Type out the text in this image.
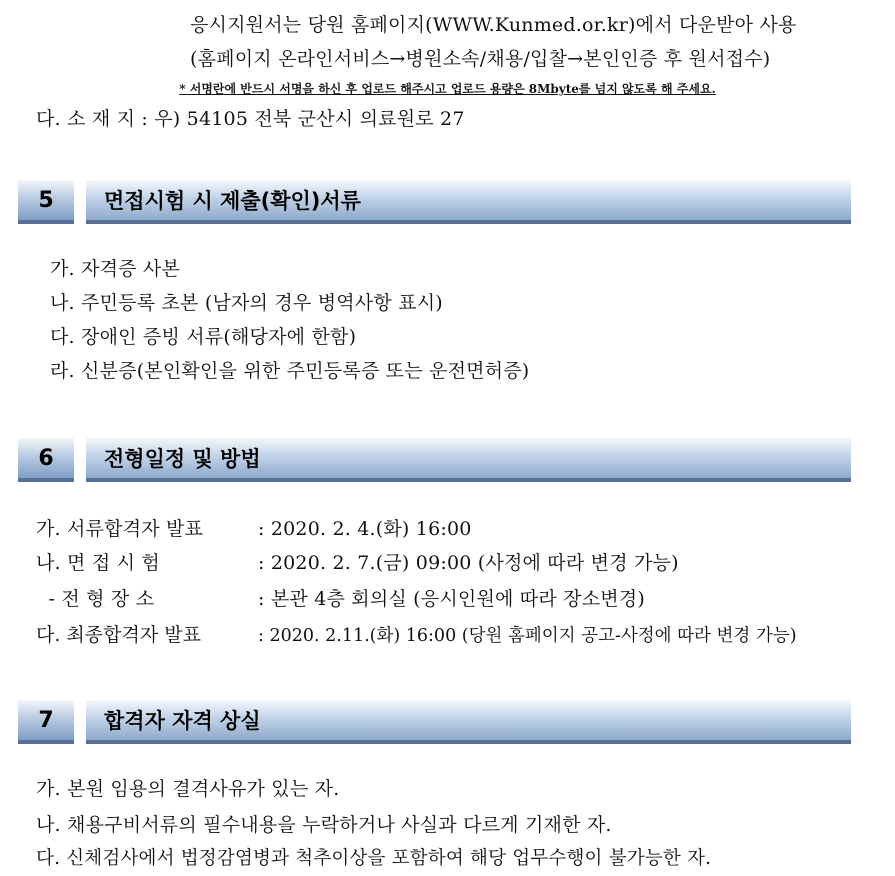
응시지원서는 당원 홈페이지(WWW.Kunmed.or.kr)에서 다운받아 사용
(홈페이지 온라인서비스→병원소속/채용/입찰→본인인증 후 원서접수)
* 서명란에 반드시 서명을 하신 후 업로드 해주시고 업로드 용량은 8Mbyte를 넘지 않도록 해 주세요.
다. 소 재 지 : 우) 54105 전북 군산시 의료원로 27
5	면접시험 시 제출(확인)서류
가. 자격증 사본
나. 주민등록 초본 (남자의 경우 병역사항 표시)
다. 장애인 증빙 서류(해당자에 한함)
라. 신분증(본인확인을 위한 주민등록증 또는 운전면허증)
6	전형일정 및 방법
가. 서류합격자 발표	: 2020. 2. 4.(화) 16:00
나. 면 접 시 험	: 2020. 2. 7.(금) 09:00 (사정에 따라 변경 가능)
- 전 형 장 소	: 본관 4층 회의실 (응시인원에 따라 장소변경)
다. 최종합격자 발표	: 2020. 2.11.(화) 16:00 (당원 홈페이지 공고-사정에 따라 변경 가능)
7	합격자 자격 상실
가. 본원 임용의 결격사유가 있는 자.
나. 채용구비서류의 필수내용을 누락하거나 사실과 다르게 기재한 자.
다. 신체검사에서 법정감염병과 척추이상을 포함하여 해당 업무수행이 불가능한 자.
